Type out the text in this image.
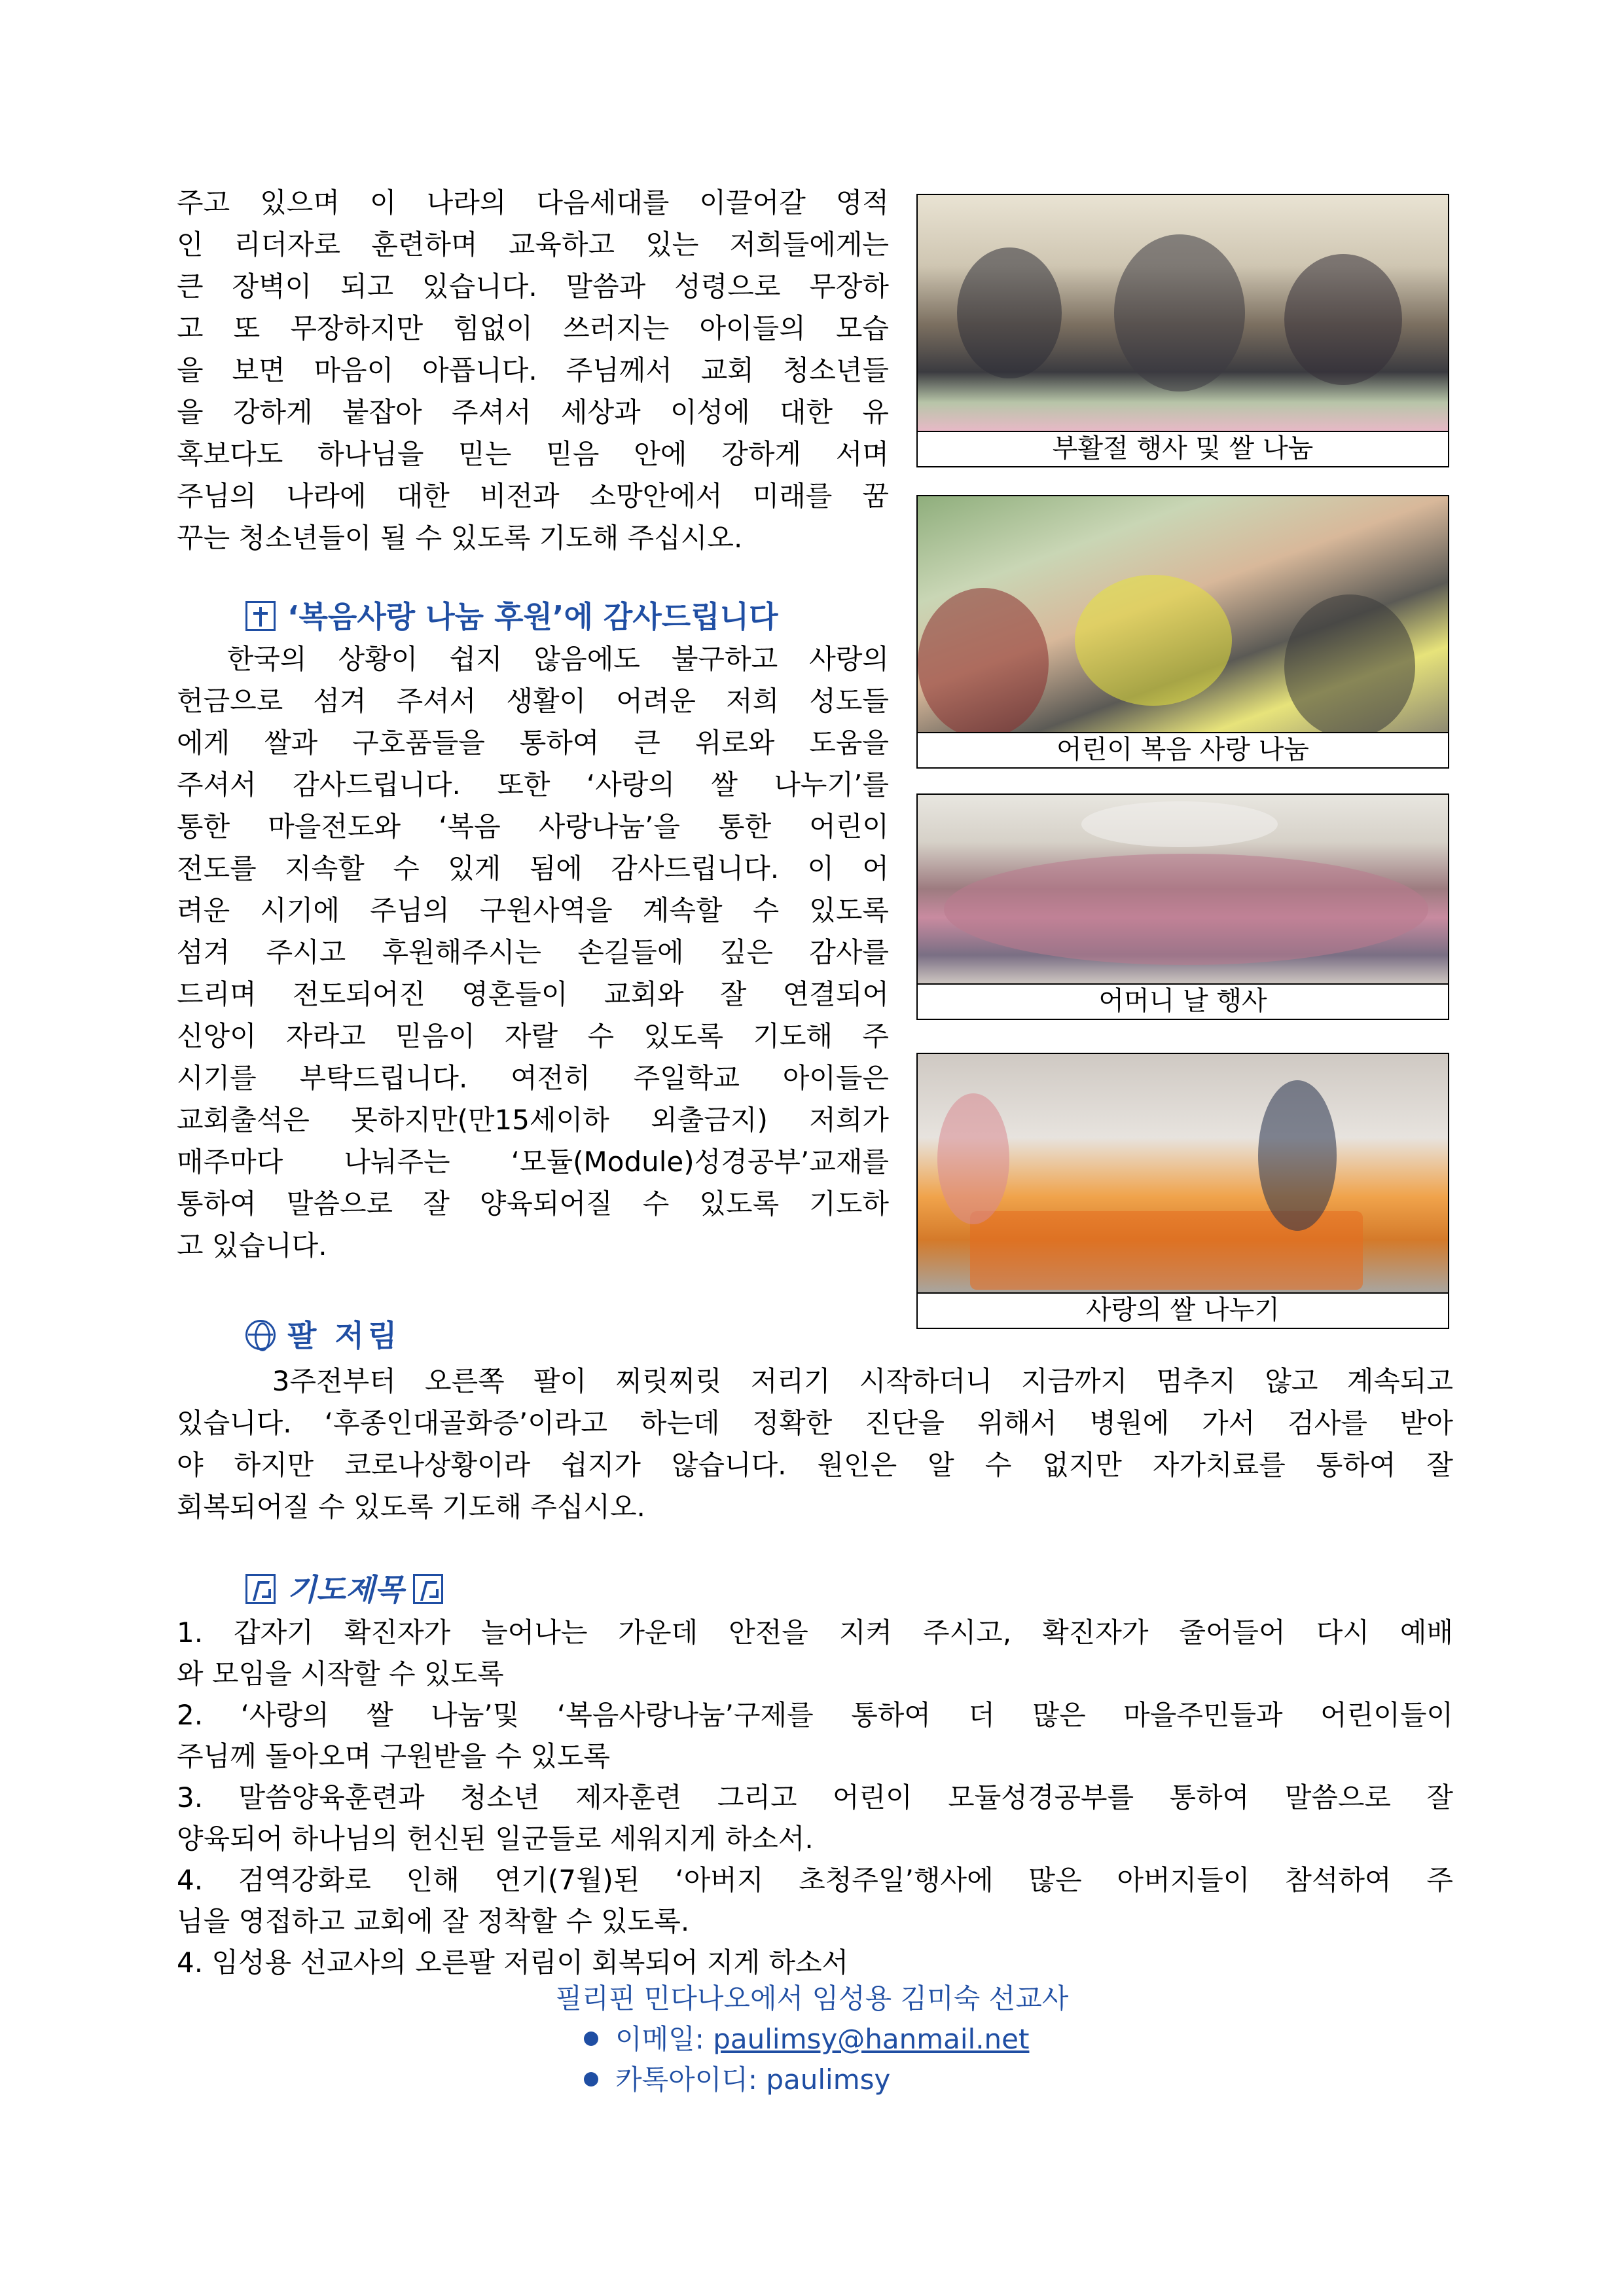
주고 있으며 이 나라의 다음세대를 이끌어갈 영적

인 리더자로 훈련하며 교육하고 있는 저희들에게는

큰 장벽이 되고 있습니다. 말씀과 성령으로 무장하

고 또 무장하지만 힘없이 쓰러지는 아이들의 모습

을 보면 마음이 아픕니다. 주님께서 교회 청소년들

을 강하게 붙잡아 주셔서 세상과 이성에 대한 유

혹보다도 하나님을 믿는 믿음 안에 강하게 서며

주님의 나라에 대한 비전과 소망안에서 미래를 꿈

꾸는 청소년들이 될 수 있도록 기도해 주십시오.

‘복음사랑 나눔 후원’에 감사드립니다

　한국의 상황이 쉽지 않음에도 불구하고 사랑의

헌금으로 섬겨 주셔서 생활이 어려운 저희 성도들

에게 쌀과 구호품들을 통하여 큰 위로와 도움을

주셔서 감사드립니다. 또한 ‘사랑의 쌀 나누기’를

통한 마을전도와 ‘복음 사랑나눔’을 통한 어린이

전도를 지속할 수 있게 됨에 감사드립니다. 이 어

려운 시기에 주님의 구원사역을 계속할 수 있도록

섬겨 주시고 후원해주시는 손길들에 깊은 감사를

드리며 전도되어진 영혼들이 교회와 잘 연결되어

신앙이 자라고 믿음이 자랄 수 있도록 기도해 주

시기를 부탁드립니다. 여전히 주일학교 아이들은

교회출석은 못하지만(만15세이하 외출금지) 저희가

매주마다 나눠주는 ‘모듈(Module)성경공부’교재를

통하여 말씀으로 잘 양육되어질 수 있도록 기도하

고 있습니다.

부활절 행사 및 쌀 나눔
어린이 복음 사랑 나눔
어머니 날 행사
사랑의 쌀 나누기
팔 저림

　　3주전부터 오른쪽 팔이 찌릿찌릿 저리기 시작하더니 지금까지 멈추지 않고 계속되고

있습니다. ‘후종인대골화증’이라고 하는데 정확한 진단을 위해서 병원에 가서 검사를 받아

야 하지만 코로나상황이라 쉽지가 않습니다. 원인은 알 수 없지만 자가치료를 통하여 잘

회복되어질 수 있도록 기도해 주십시오.

기도제목

1. 갑자기 확진자가 늘어나는 가운데 안전을 지켜 주시고, 확진자가 줄어들어 다시 예배

와 모임을 시작할 수 있도록

2. ‘사랑의 쌀 나눔’및 ‘복음사랑나눔’구제를 통하여 더 많은 마을주민들과 어린이들이

주님께 돌아오며 구원받을 수 있도록

3. 말씀양육훈련과 청소년 제자훈련 그리고 어린이 모듈성경공부를 통하여 말씀으로 잘

양육되어 하나님의 헌신된 일군들로 세워지게 하소서.

4. 검역강화로 인해 연기(7월)된 ‘아버지 초청주일’행사에 많은 아버지들이 참석하여 주

님을 영접하고 교회에 잘 정착할 수 있도록.

4. 임성용 선교사의 오른팔 저림이 회복되어 지게 하소서

필리핀 민다나오에서 임성용 김미숙 선교사
이메일: paulimsy@hanmail.net
카톡아이디: paulimsy
